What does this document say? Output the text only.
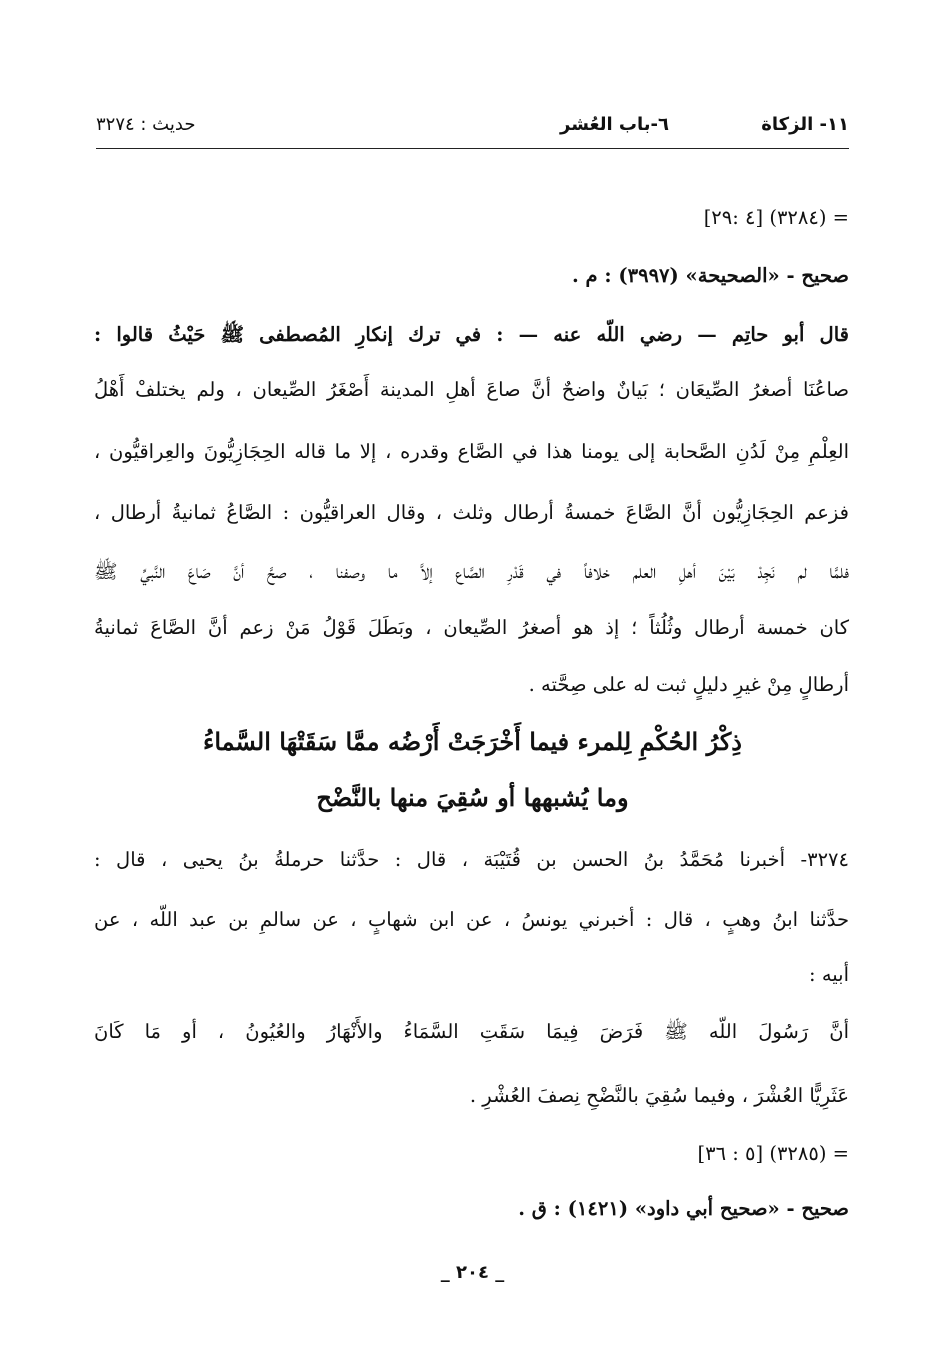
١١- الزكاة
٦-باب العُشر
حديث : ٣٢٧٤
= (٣٢٨٤) [٤ :٢٩]
صحيح - «الصحيحة» (٣٩٩٧) : م .
قال أبو حاتِم — رضي اللّه عنه — : في ترك إنكارِ المُصطفى ﷺ حَيْثُ قالوا :
صاعُنَا أصغرُ الصِّيعَان ؛ بَيانٌ واضحٌ أنَّ صاعَ أهلِ المدينة أَصْغَرُ الصِّيعان ، ولم يختلفْ أَهْلُ
العِلْمِ مِنْ لَدُنِ الصَّحابة إلى يومنا هذا في الصَّاع وقدره ، إلا ما قاله الحِجَازِيُّونَ والعِراقيُّون ،
فزعم الحِجَازِيُّون أنَّ الصَّاعَ خمسةُ أرطال وثلث ، وقال العراقيُّون : الصَّاعُ ثمانيةُ أرطال ،
فلمَّا لم نَجِدْ بَيْنَ أهلِ العلم خلافاً في قَدْرِ الصَّاع إلاَّ ما وصفنا ، صحَّ أنَّ صَاعَ النَّبيِّ ﷺ
كان خمسة أرطال وثُلُثاً ؛ إذ هو أصغرُ الصِّيعان ، وبَطَلَ قَوْلُ مَنْ زعم أنَّ الصَّاعَ ثمانيةُ
أرطالٍ مِنْ غيرِ دليلٍ ثبت له على صِحَّته .
ذِكْرُ الحُكْمِ لِلمرء فيما أَخْرَجَتْ أَرْضُه ممَّا سَقَتْهَا السَّماءُ
وما يُشبهها أو سُقِيَ منها بالنَّضْح
٣٢٧٤- أخبرنا مُحَمَّدُ بنُ الحسن بن قُتَيْبَة ، قال : حدَّثنا حرملةُ بنُ يحيى ، قال :
حدَّثنا ابنُ وهبٍ ، قال : أخبرني يونسُ ، عن ابن شهابٍ ، عن سالمِ بن عبد اللّه ، عن
أبيه :
أنَّ رَسُولَ اللّه ﷺ فَرَضَ فِيمَا سَقَتِ السَّمَاءُ والأَنْهَارُ والعُيُونُ ، أو مَا كَانَ
عَثَرِيًّا العُشْرَ ، وفيما سُقِيَ بالنَّضْحِ نِصفَ العُشْرِ .
= (٣٢٨٥) [٥ : ٣٦]
صحيح - «صحيح أبي داود» (١٤٢١) : ق .
_ ٢٠٤ _
